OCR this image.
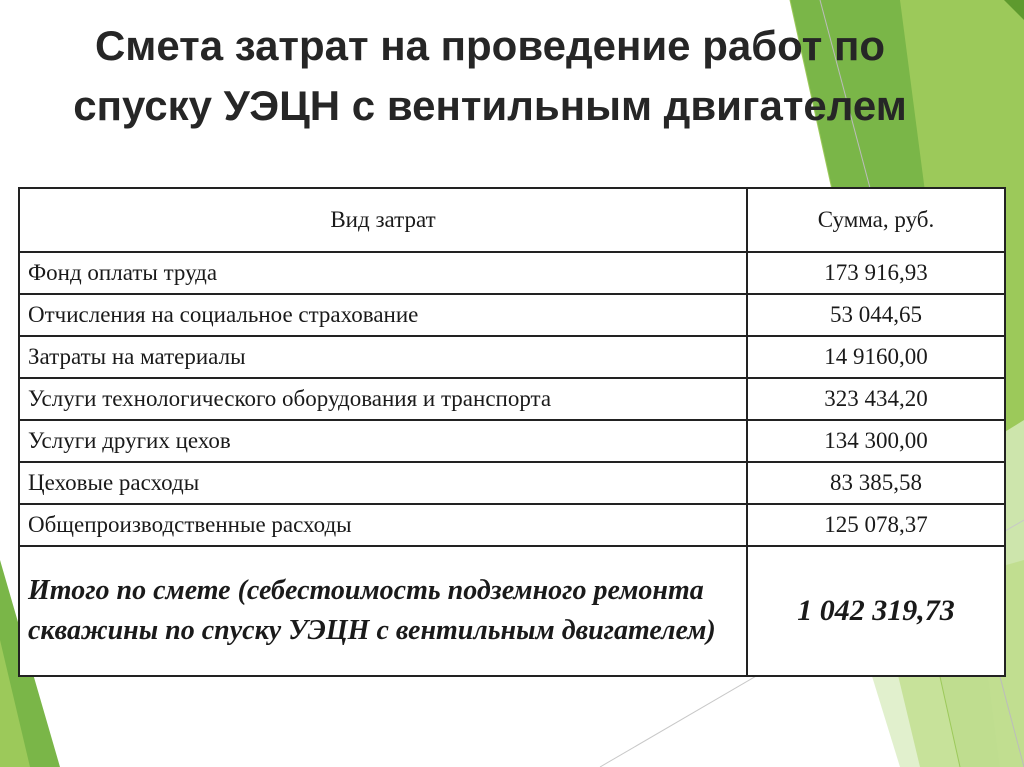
Смета затрат на проведение работ по
спуску УЭЦН с вентильным двигателем
Вид затрат	Сумма, руб.
Фонд оплаты труда	173 916,93
Отчисления на социальное страхование	53 044,65
Затраты на материалы	14 9160,00
Услуги технологического оборудования и транспорта	323 434,20
Услуги других цехов	134 300,00
Цеховые расходы	83 385,58
Общепроизводственные расходы	125 078,37
Итого по смете (себестоимость подземного ремонта скважины по спуску УЭЦН с вентильным двигателем)	1 042 319,73
